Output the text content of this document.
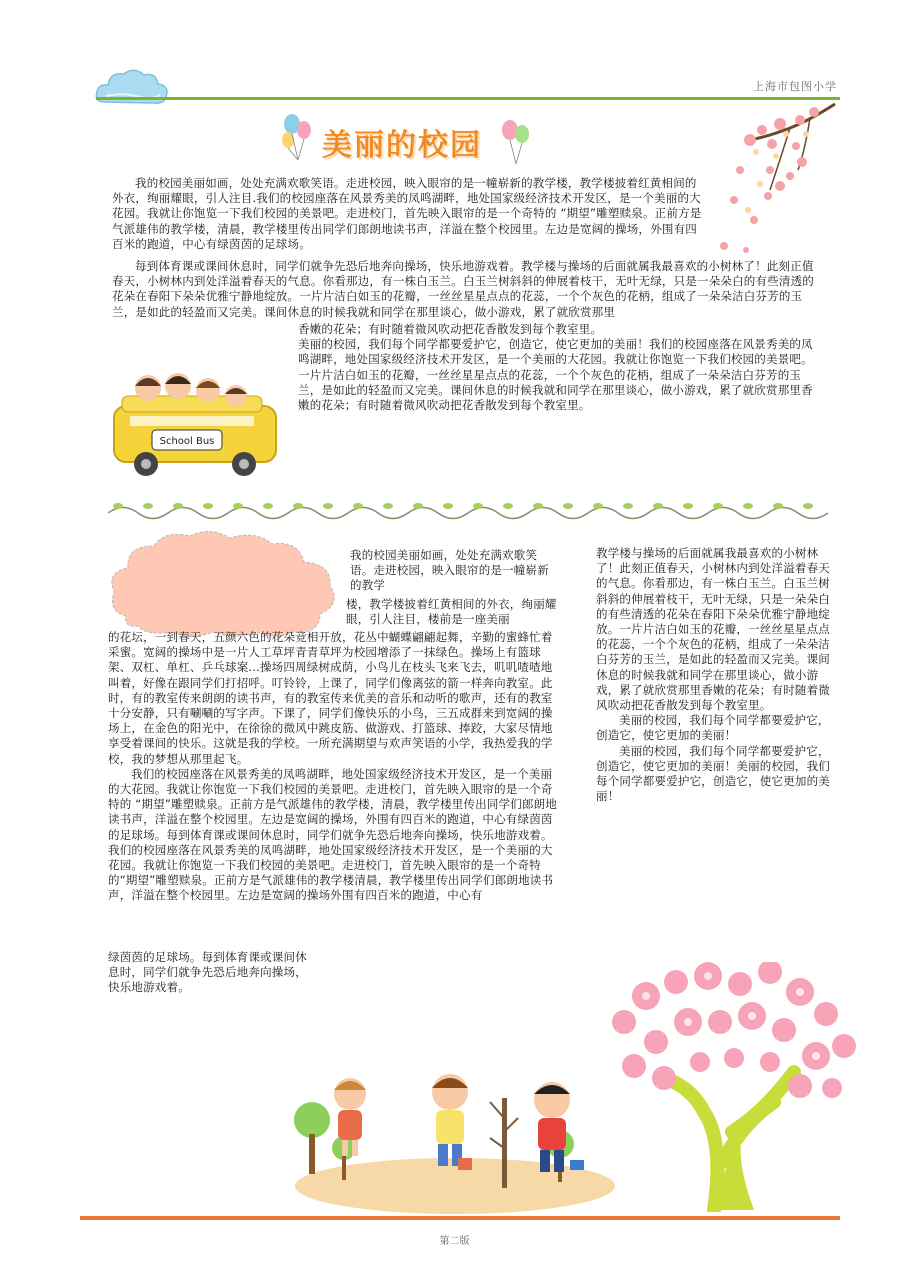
上海市包图小学
美丽的校园

我的校园美丽如画，处处充满欢歌笑语。走进校园，映入眼帘的是一幢崭新的教学楼，教学楼披着红黄相间的外衣，绚丽耀眼，引人注目.我们的校园座落在风景秀美的凤鸣湖畔，地处国家级经济技术开发区，是一个美丽的大花园。我就让你饱览一下我们校园的美景吧。走进校门，首先映入眼帘的是一个奇特的 “期望”雕塑赎泉。正前方是气派雄伟的教学楼，清晨，教学楼里传出同学们郎朗地读书声，洋溢在整个校园里。左边是宽阔的操场，外围有四百米的跑道，中心有绿茵茵的足球场。

每到体育课或课间休息时，同学们就争先恐后地奔向操场，快乐地游戏着。教学楼与操场的后面就属我最喜欢的小树林了！此刻正值春天，小树林内到处洋溢着春天的气息。你看那边，有一株白玉兰。白玉兰树斜斜的伸展着枝干，无叶无绿，只是一朵朵白的有些清透的花朵在春阳下朵朵优雅宁静地绽放。一片片洁白如玉的花瓣，一丝丝星星点点的花蕊，一个个灰色的花柄，组成了一朵朵洁白芬芳的玉兰，是如此的轻盈而又完美。课间休息的时候我就和同学在那里谈心，做小游戏，累了就欣赏那里

香嫩的花朵；有时随着微风吹动把花香散发到每个教室里。

美丽的校园，我们每个同学都要爱护它，创造它，使它更加的美丽！我们的校园座落在风景秀美的凤鸣湖畔，地处国家级经济技术开发区，是一个美丽的大花园。我就让你饱览一下我们校园的美景吧。一片片洁白如玉的花瓣，一丝丝星星点点的花蕊，一个个灰色的花柄，组成了一朵朵洁白芬芳的玉兰，是如此的轻盈而又完美。课间休息的时候我就和同学在那里谈心，做小游戏，累了就欣赏那里香嫩的花朵；有时随着微风吹动把花香散发到每个教室里。

School Bus

我的校园美丽如画，处处充满欢歌笑语。走进校园，映入眼帘的是一幢崭新的教学

楼，教学楼披着红黄相间的外衣，绚丽耀眼，引人注目，楼前是一座美丽

的花坛，一到春天，五颜六色的花朵竞相开放，花丛中蝴蝶翩翩起舞，辛勤的蜜蜂忙着采蜜。宽阔的操场中是一片人工草坪青青草坪为校园增添了一抹绿色。操场上有篮球架、双杠、单杠、乒乓球案...操场四周绿树成荫，小鸟儿在枝头飞来飞去，叽叽喳喳地叫着，好像在跟同学们打招呼。叮铃铃，上课了，同学们像离弦的箭一样奔向教室。此时，有的教室传来朗朗的读书声，有的教室传来优美的音乐和动听的歌声，还有的教室十分安静，只有唰唰的写字声。下课了，同学们像快乐的小鸟，三五成群来到宽阔的操场上，在金色的阳光中，在徐徐的微风中跳皮筋、做游戏、打篮球、捧跤，大家尽情地享受着课间的快乐。这就是我的学校。一所充满期望与欢声笑语的小学，我热爱我的学校，我的梦想从那里起飞。

我们的校园座落在风景秀美的凤鸣湖畔，地处国家级经济技术开发区，是一个美丽的大花园。我就让你饱览一下我们校园的美景吧。走进校门，首先映入眼帘的是一个奇特的 “期望”雕塑赎泉。正前方是气派雄伟的教学楼，清晨，教学楼里传出同学们郎朗地读书声，洋溢在整个校园里。左边是宽阔的操场，外围有四百米的跑道，中心有绿茵茵的足球场。每到体育课或课间休息时，同学们就争先恐后地奔向操场，快乐地游戏着。我们的校园座落在风景秀美的凤鸣湖畔，地处国家级经济技术开发区，是一个美丽的大花园。我就让你饱览一下我们校园的美景吧。走进校门，首先映入眼帘的是一个奇特的“期望”雕塑赎泉。正前方是气派雄伟的教学楼清晨，教学楼里传出同学们郎朗地读书声，洋溢在整个校园里。左边是宽阔的操场外围有四百米的跑道，中心有

绿茵茵的足球场。每到体育课或课间休息时，同学们就争先恐后地奔向操场，快乐地游戏着。

教学楼与操场的后面就属我最喜欢的小树林了！此刻正值春天，小树林内到处洋溢着春天的气息。你看那边，有一株白玉兰。白玉兰树斜斜的伸展着枝干，无叶无绿，只是一朵朵白的有些清透的花朵在春阳下朵朵优雅宁静地绽放。一片片洁白如玉的花瓣，一丝丝星星点点的花蕊，一个个灰色的花柄，组成了一朵朵洁白芬芳的玉兰，是如此的轻盈而又完美。课间休息的时候我就和同学在那里谈心，做小游戏，累了就欣赏那里香嫩的花朵；有时随着微风吹动把花香散发到每个教室里。

美丽的校园，我们每个同学都要爱护它，创造它，使它更加的美丽！

美丽的校园，我们每个同学都要爱护它，创造它，使它更加的美丽！美丽的校园，我们每个同学都要爱护它，创造它，使它更加的美丽！

第二版
